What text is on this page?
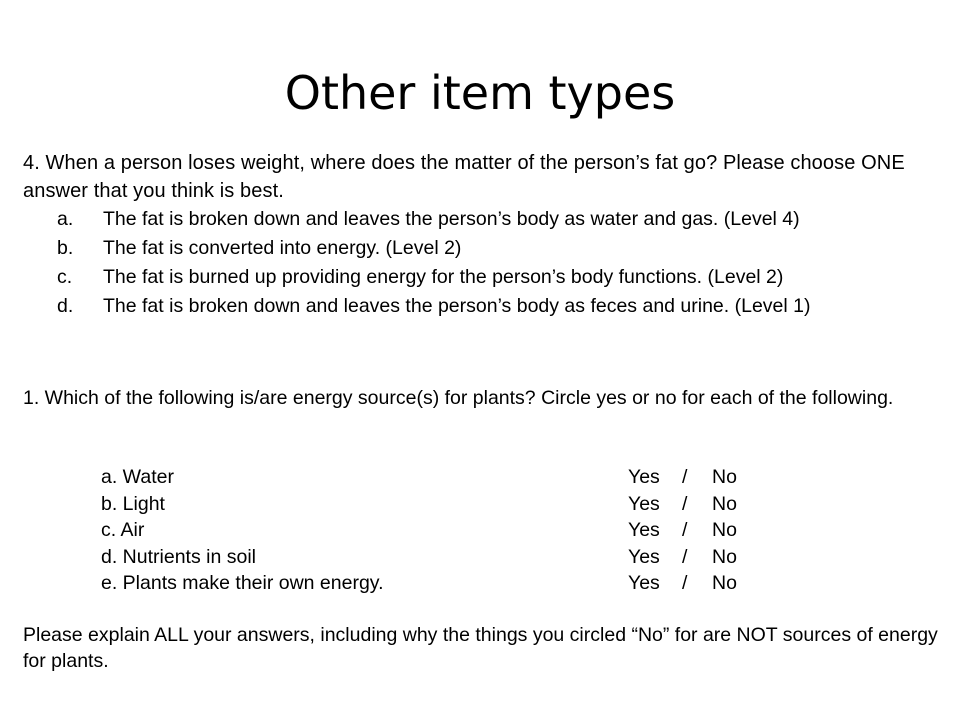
Other item types

4. When a person loses weight, where does the matter of the person’s fat go? Please choose ONE answer that you think is best.

a.	The fat is broken down and leaves the person’s body as water and gas. (Level 4)
b.	The fat is converted into energy. (Level 2)
c.	The fat is burned up providing energy for the person’s body functions. (Level 2)
d.	The fat is broken down and leaves the person’s body as feces and urine. (Level 1)

1. Which of the following is/are energy source(s) for plants? Circle yes or no for each of the following.

Please explain ALL your answers, including why the things you circled “No” for are NOT sources of energy for plants.

a. Water	Yes	/	No
b. Light	Yes	/	No
c. Air	Yes	/	No
d. Nutrients in soil	Yes	/	No
e. Plants make their own energy.	Yes	/	No
